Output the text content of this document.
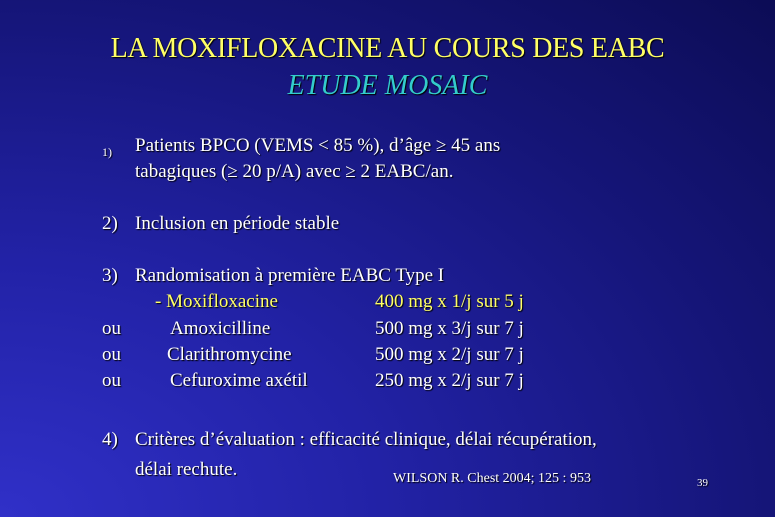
LA MOXIFLOXACINE AU COURS DES EABC
ETUDE MOSAIC
1) Patients BPCO (VEMS < 85 %), d’âge ≥ 45 ans
tabagiques (≥ 20 p/A) avec ≥ 2 EABC/an.
2) Inclusion en période stable
3) Randomisation à première EABC Type I
- Moxifloxacine	400 mg x 1/j sur 5 j
ou	Amoxicilline	500 mg x 3/j sur 7 j
ou Clarithromycine	500 mg x 2/j sur 7 j
ou	Cefuroxime axétil	250 mg x 2/j sur 7 j
4) Critères d’évaluation : efficacité clinique, délai récupération,
délai rechute.	WILSON R. Chest 2004; 125 : 953	39
